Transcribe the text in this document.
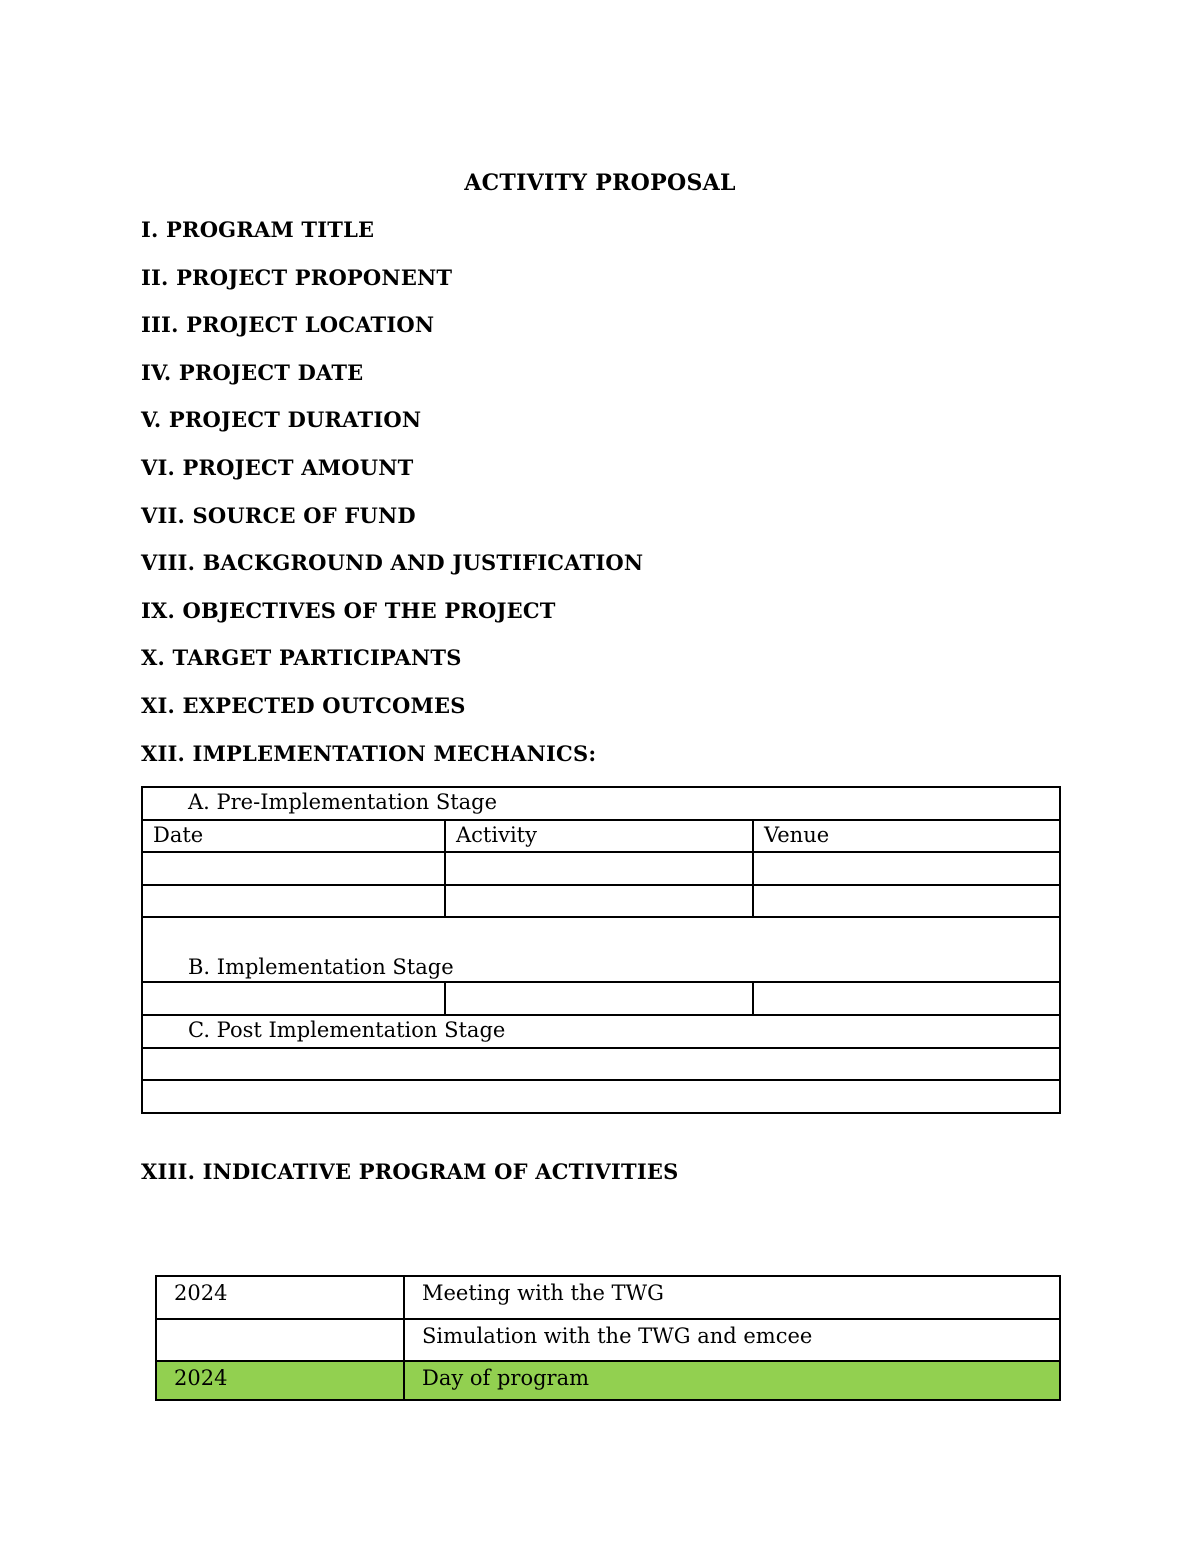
ACTIVITY PROPOSAL
I. PROGRAM TITLE
II. PROJECT PROPONENT
III. PROJECT LOCATION
IV. PROJECT DATE
V. PROJECT DURATION
VI. PROJECT AMOUNT
VII. SOURCE OF FUND
VIII. BACKGROUND AND JUSTIFICATION
IX. OBJECTIVES OF THE PROJECT
X. TARGET PARTICIPANTS
XI. EXPECTED OUTCOMES
XII. IMPLEMENTATION MECHANICS:
A. Pre-Implementation Stage		
Date	Activity	Venue

B. Implementation Stage		

C. Post Implementation Stage		

XIII. INDICATIVE PROGRAM OF ACTIVITIES
2024	Meeting with the TWG
	Simulation with the TWG and emcee
2024	Day of program
